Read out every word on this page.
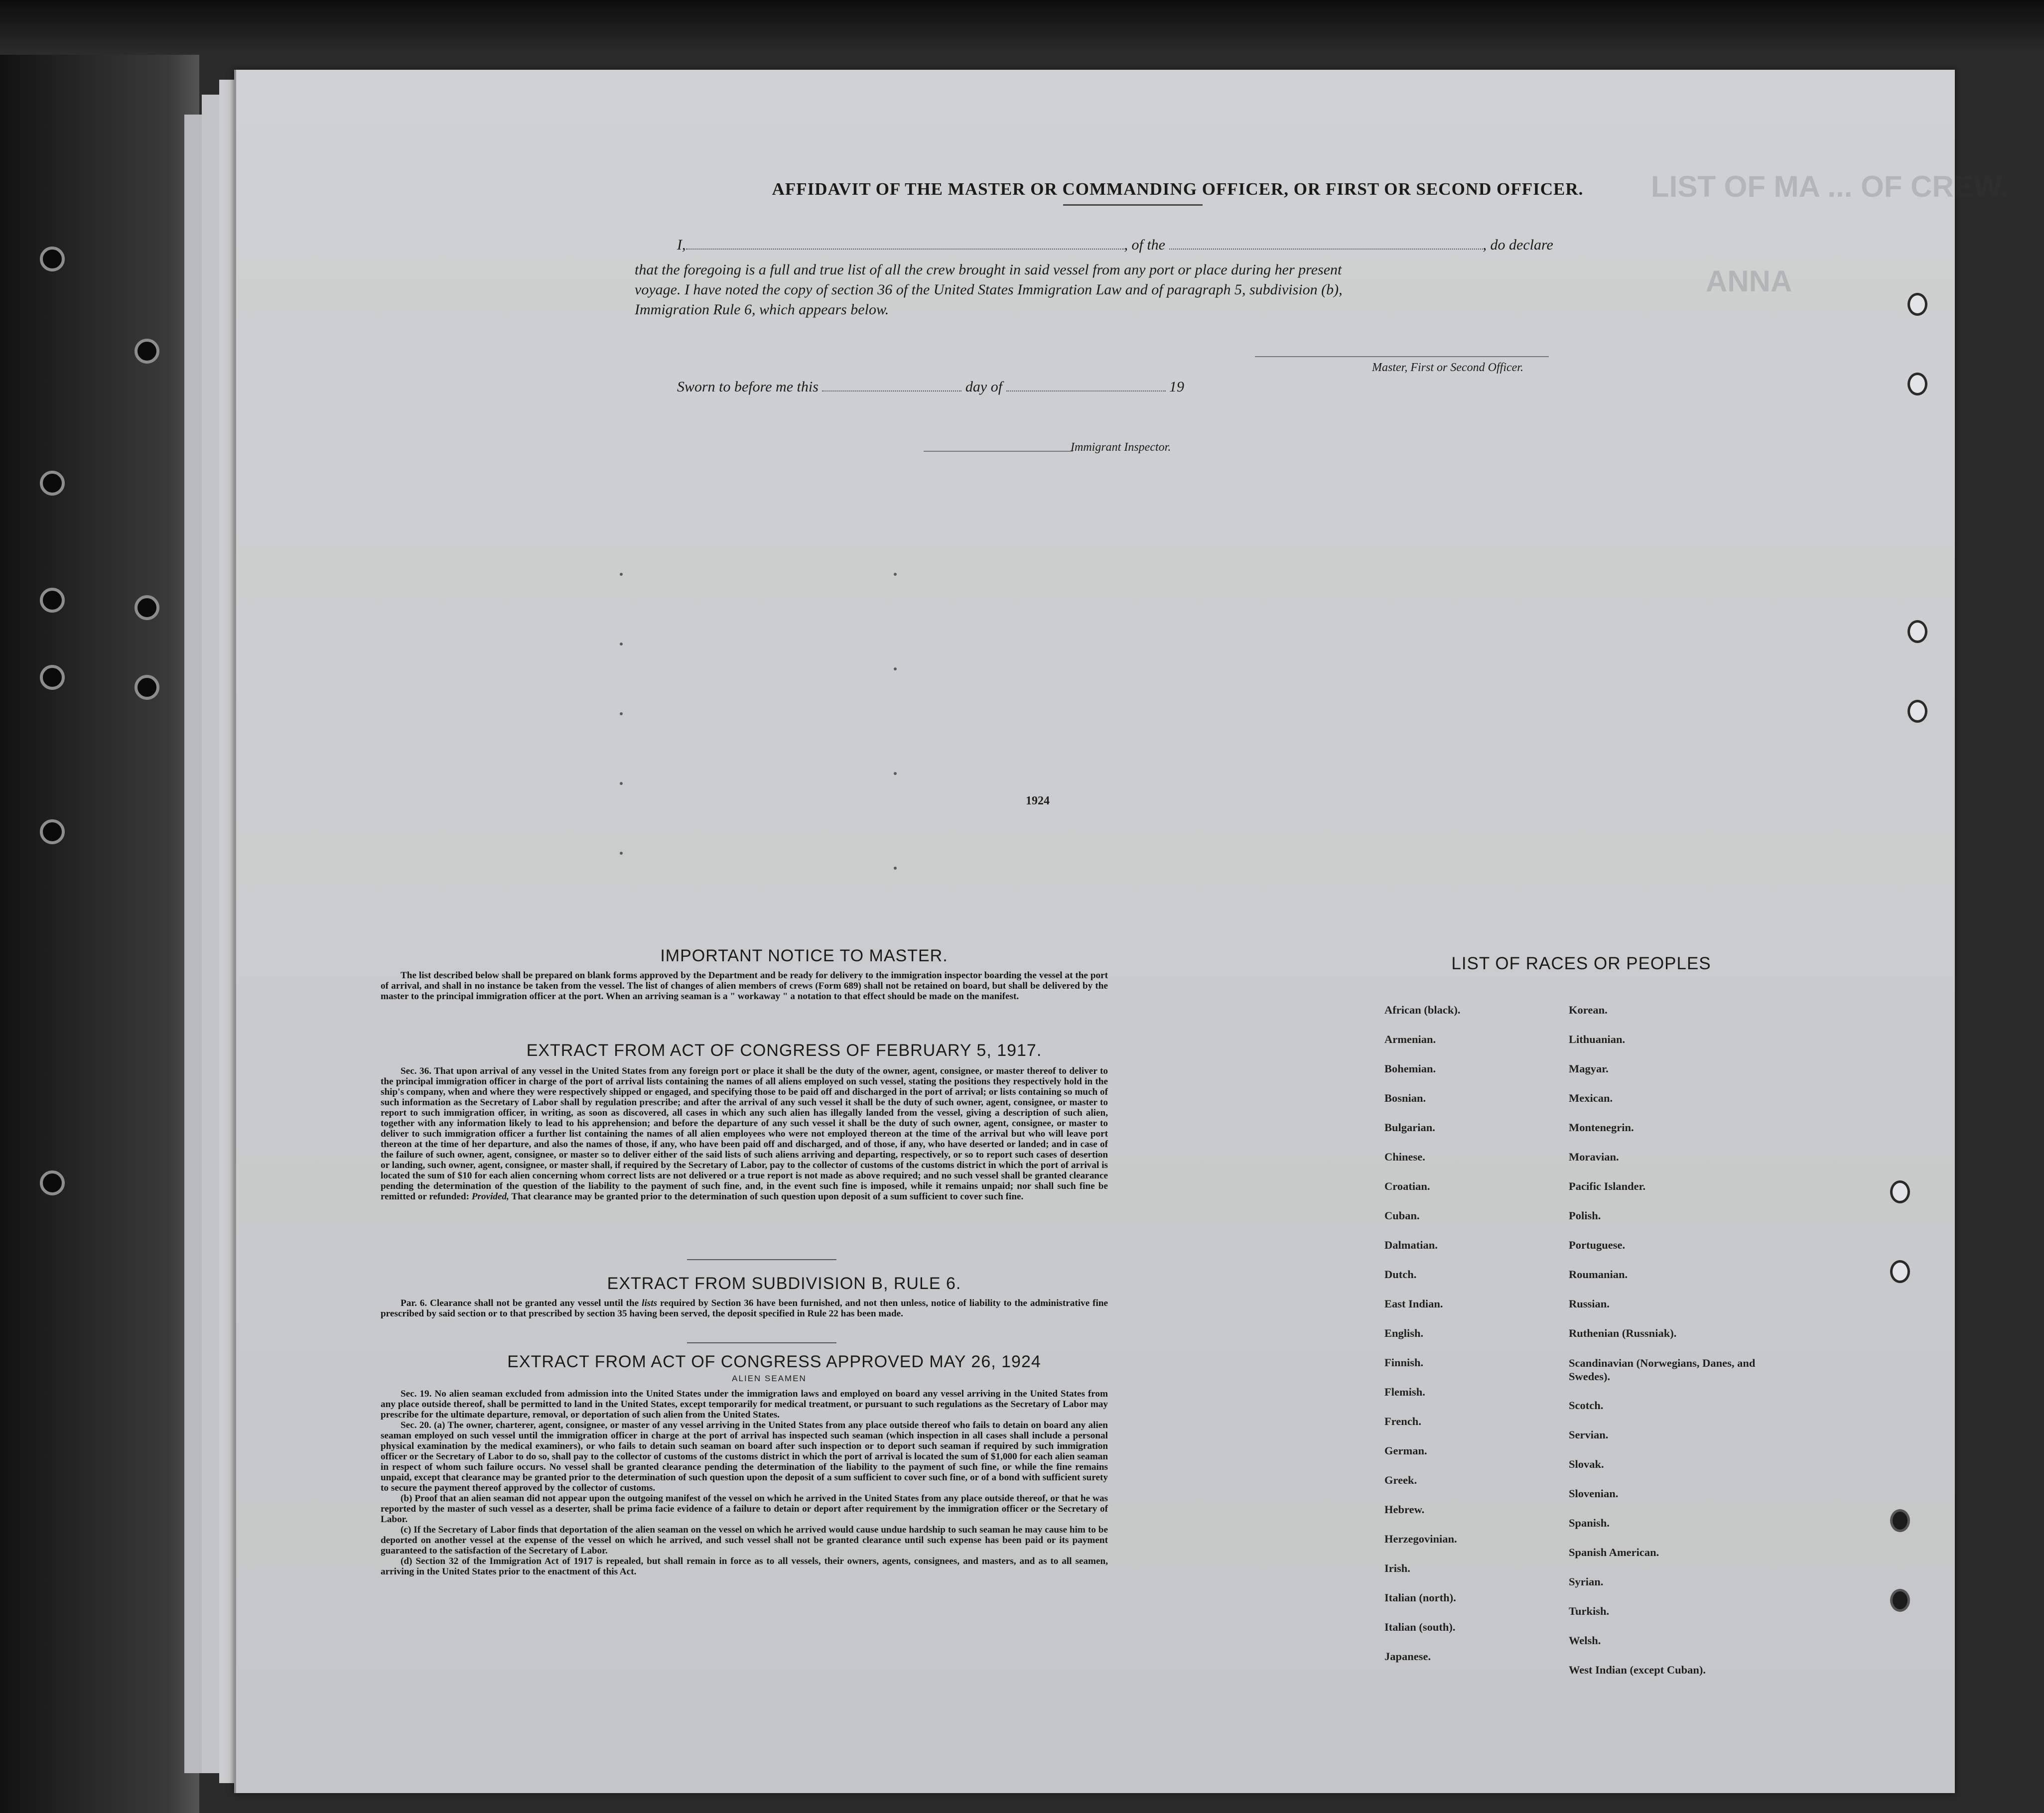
LIST OF MA ... OF CREW.
ANNA
AFFIDAVIT OF THE MASTER OR COMMANDING OFFICER, OR FIRST OR SECOND OFFICER.
I,	, of the	, do declare
that the foregoing is a full and true list of all the crew brought in said vessel from any port or place during her present
voyage. I have noted the copy of section 36 of the United States Immigration Law and of paragraph 5, subdivision (b),
Immigration Rule 6, which appears below.
Master, First or Second Officer.
Sworn to before me this	day of	19
Immigrant Inspector.
1924
IMPORTANT NOTICE TO MASTER.

The list described below shall be prepared on blank forms approved by the Department and be ready for delivery to the immigration inspector boarding the vessel at the port of arrival, and shall in no instance be taken from the vessel. The list of changes of alien members of crews (Form 689) shall not be retained on board, but shall be delivered by the master to the principal immigration officer at the port. When an arriving seaman is a " workaway " a notation to that effect should be made on the manifest.

EXTRACT FROM ACT OF CONGRESS OF FEBRUARY 5, 1917.

Sec. 36. That upon arrival of any vessel in the United States from any foreign port or place it shall be the duty of the owner, agent, consignee, or master thereof to deliver to the principal immigration officer in charge of the port of arrival lists containing the names of all aliens employed on such vessel, stating the positions they respectively hold in the ship's company, when and where they were respectively shipped or engaged, and specifying those to be paid off and discharged in the port of arrival; or lists containing so much of such information as the Secretary of Labor shall by regulation prescribe; and after the arrival of any such vessel it shall be the duty of such owner, agent, consignee, or master to report to such immigration officer, in writing, as soon as discovered, all cases in which any such alien has illegally landed from the vessel, giving a description of such alien, together with any information likely to lead to his apprehension; and before the departure of any such vessel it shall be the duty of such owner, agent, consignee, or master to deliver to such immigration officer a further list containing the names of all alien employees who were not employed thereon at the time of the arrival but who will leave port thereon at the time of her departure, and also the names of those, if any, who have been paid off and discharged, and of those, if any, who have deserted or landed; and in case of the failure of such owner, agent, consignee, or master so to deliver either of the said lists of such aliens arriving and departing, respectively, or so to report such cases of desertion or landing, such owner, agent, consignee, or master shall, if required by the Secretary of Labor, pay to the collector of customs of the customs district in which the port of arrival is located the sum of $10 for each alien concerning whom correct lists are not delivered or a true report is not made as above required; and no such vessel shall be granted clearance pending the determination of the question of the liability to the payment of such fine, and, in the event such fine is imposed, while it remains unpaid; nor shall such fine be remitted or refunded: Provided, That clearance may be granted prior to the determination of such question upon deposit of a sum sufficient to cover such fine.

EXTRACT FROM SUBDIVISION B, RULE 6.

Par. 6. Clearance shall not be granted any vessel until the lists required by Section 36 have been furnished, and not then unless, notice of liability to the administrative fine prescribed by said section or to that prescribed by section 35 having been served, the deposit specified in Rule 22 has been made.

EXTRACT FROM ACT OF CONGRESS APPROVED MAY 26, 1924
ALIEN SEAMEN

Sec. 19. No alien seaman excluded from admission into the United States under the immigration laws and employed on board any vessel arriving in the United States from any place outside thereof, shall be permitted to land in the United States, except temporarily for medical treatment, or pursuant to such regulations as the Secretary of Labor may prescribe for the ultimate departure, removal, or deportation of such alien from the United States.

Sec. 20. (a) The owner, charterer, agent, consignee, or master of any vessel arriving in the United States from any place outside thereof who fails to detain on board any alien seaman employed on such vessel until the immigration officer in charge at the port of arrival has inspected such seaman (which inspection in all cases shall include a personal physical examination by the medical examiners), or who fails to detain such seaman on board after such inspection or to deport such seaman if required by such immigration officer or the Secretary of Labor to do so, shall pay to the collector of customs of the customs district in which the port of arrival is located the sum of $1,000 for each alien seaman in respect of whom such failure occurs. No vessel shall be granted clearance pending the determination of the liability to the payment of such fine, or while the fine remains unpaid, except that clearance may be granted prior to the determination of such question upon the deposit of a sum sufficient to cover such fine, or of a bond with sufficient surety to secure the payment thereof approved by the collector of customs.

(b) Proof that an alien seaman did not appear upon the outgoing manifest of the vessel on which he arrived in the United States from any place outside thereof, or that he was reported by the master of such vessel as a deserter, shall be prima facie evidence of a failure to detain or deport after requirement by the immigration officer or the Secretary of Labor.

(c) If the Secretary of Labor finds that deportation of the alien seaman on the vessel on which he arrived would cause undue hardship to such seaman he may cause him to be deported on another vessel at the expense of the vessel on which he arrived, and such vessel shall not be granted clearance until such expense has been paid or its payment guaranteed to the satisfaction of the Secretary of Labor.

(d) Section 32 of the Immigration Act of 1917 is repealed, but shall remain in force as to all vessels, their owners, agents, consignees, and masters, and as to all seamen, arriving in the United States prior to the enactment of this Act.

LIST OF RACES OR PEOPLES
African (black).
Armenian.
Bohemian.
Bosnian.
Bulgarian.
Chinese.
Croatian.
Cuban.
Dalmatian.
Dutch.
East Indian.
English.
Finnish.
Flemish.
French.
German.
Greek.
Hebrew.
Herzegovinian.
Irish.
Italian (north).
Italian (south).
Japanese.
Korean.
Lithuanian.
Magyar.
Mexican.
Montenegrin.
Moravian.
Pacific Islander.
Polish.
Portuguese.
Roumanian.
Russian.
Ruthenian (Russniak).
Scandinavian (Norwegians, Danes, and Swedes).
Scotch.
Servian.
Slovak.
Slovenian.
Spanish.
Spanish American.
Syrian.
Turkish.
Welsh.
West Indian (except Cuban).
